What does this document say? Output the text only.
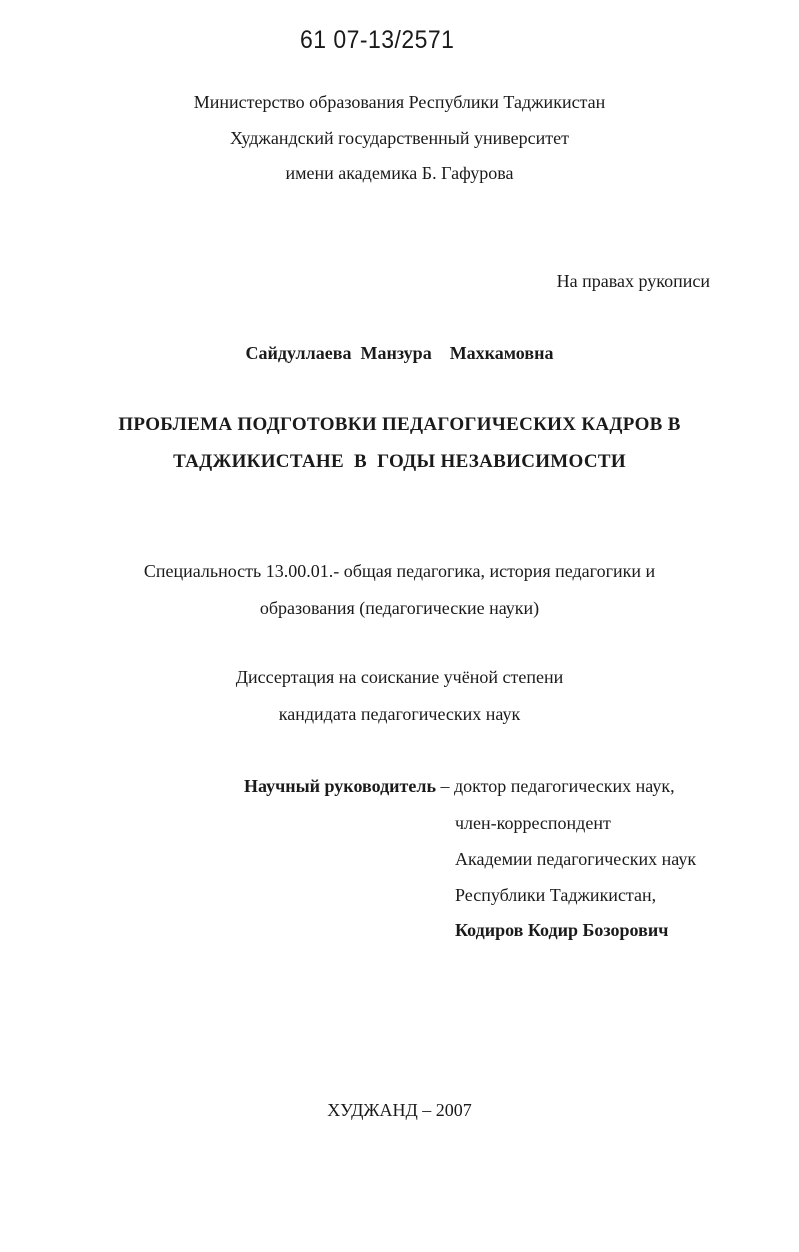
61 07-13/2571
Министерство образования Республики Таджикистан
Худжандский государственный университет
имени академика Б. Гафурова
На правах рукописи
Сайдуллаева  Манзура    Махкамовна
ПРОБЛЕМА ПОДГОТОВКИ ПЕДАГОГИЧЕСКИХ КАДРОВ В
ТАДЖИКИСТАНЕ  В  ГОДЫ НЕЗАВИСИМОСТИ
Специальность 13.00.01.- общая педагогика, история педагогики и
образования (педагогические науки)
Диссертация на соискание учёной степени
кандидата педагогических наук
Научный руководитель – доктор педагогических наук,
член-корреспондент
Академии педагогических наук
Республики Таджикистан,
Кодиров Кодир Бозорович
ХУДЖАНД – 2007
